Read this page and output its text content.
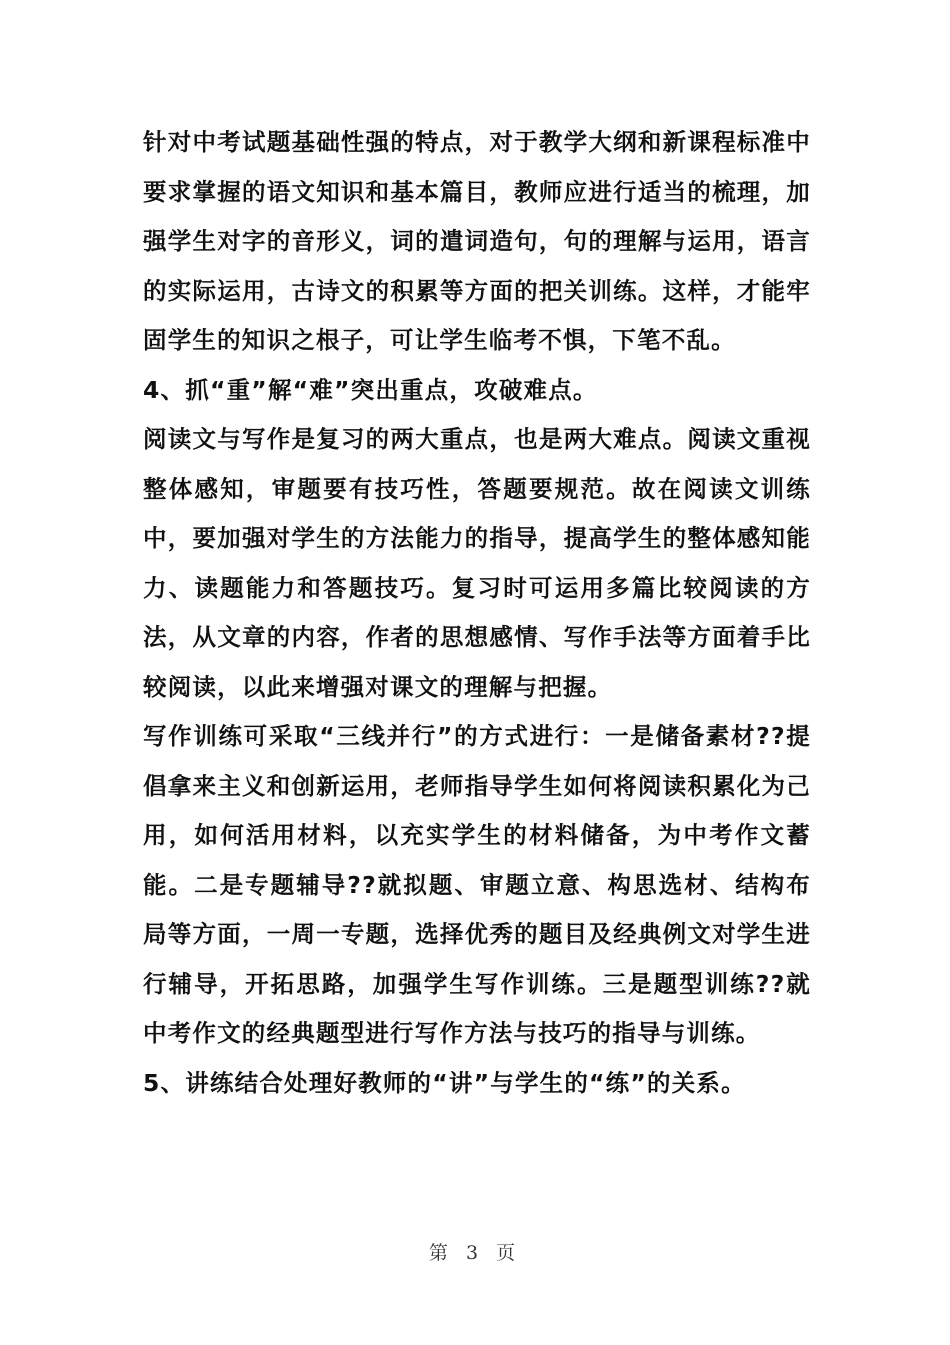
针对中考试题基础性强的特点，对于教学大纲和新课程标准中要求掌握的语文知识和基本篇目，教师应进行适当的梳理，加强学生对字的音形义，词的遣词造句，句的理解与运用，语言的实际运用，古诗文的积累等方面的把关训练。这样，才能牢固学生的知识之根子，可让学生临考不惧，下笔不乱。

4、抓“重”解“难”突出重点，攻破难点。

阅读文与写作是复习的两大重点，也是两大难点。阅读文重视整体感知，审题要有技巧性，答题要规范。故在阅读文训练中，要加强对学生的方法能力的指导，提高学生的整体感知能力、读题能力和答题技巧。复习时可运用多篇比较阅读的方法，从文章的内容，作者的思想感情、写作手法等方面着手比较阅读，以此来增强对课文的理解与把握。

写作训练可采取“三线并行”的方式进行：一是储备素材??提倡拿来主义和创新运用，老师指导学生如何将阅读积累化为己用，如何活用材料，以充实学生的材料储备，为中考作文蓄能。二是专题辅导??就拟题、审题立意、构思选材、结构布局等方面，一周一专题，选择优秀的题目及经典例文对学生进行辅导，开拓思路，加强学生写作训练。三是题型训练??就中考作文的经典题型进行写作方法与技巧的指导与训练。

5、讲练结合处理好教师的“讲”与学生的“练”的关系。

第 3 页
